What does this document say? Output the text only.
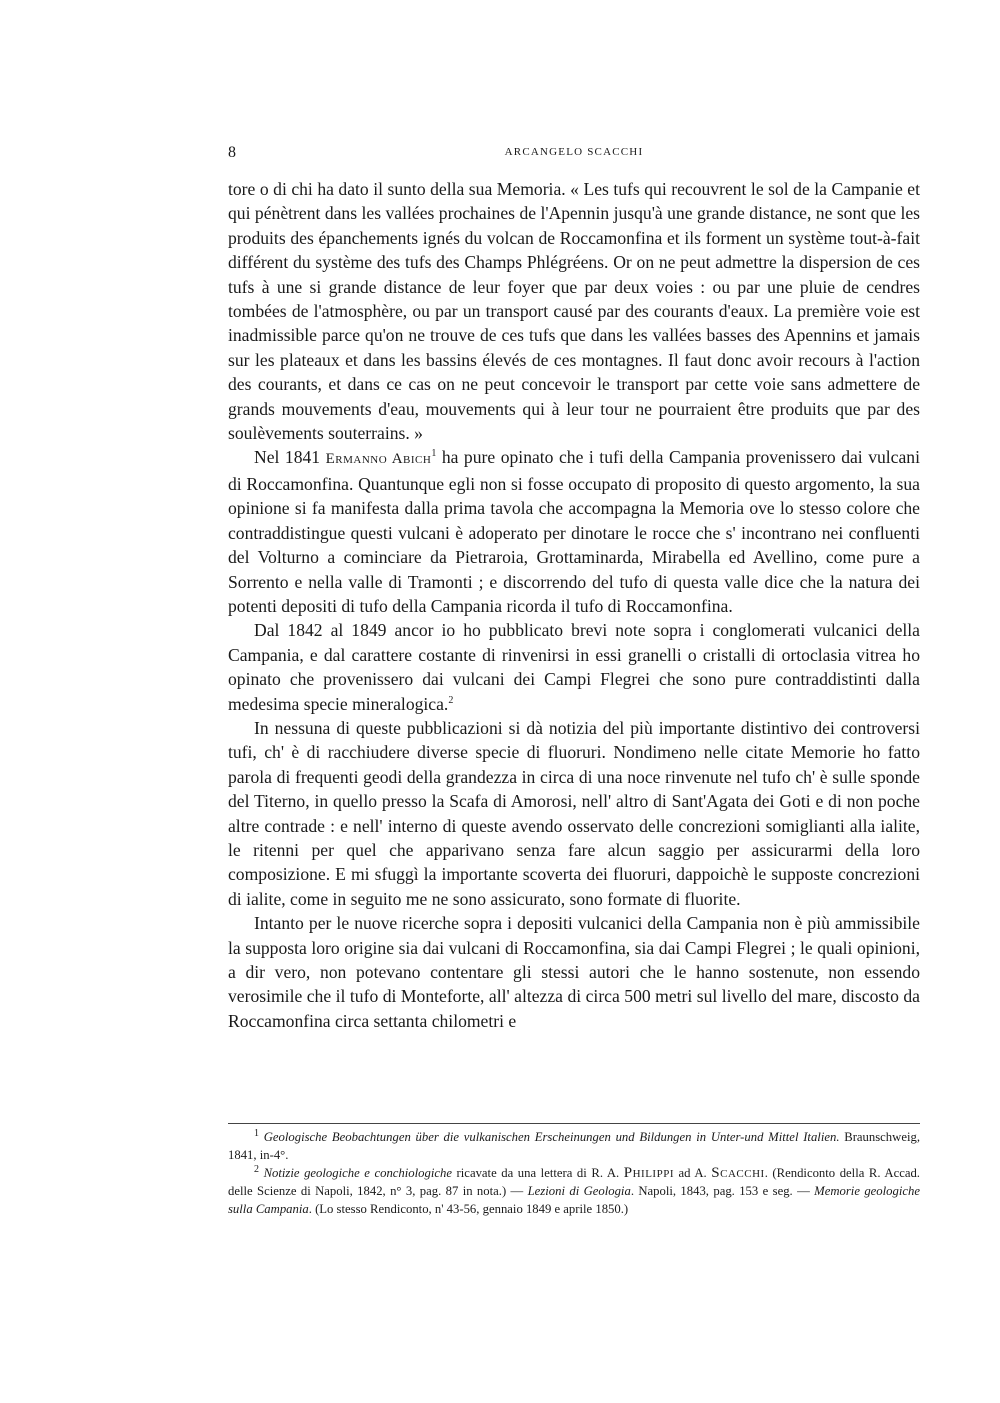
8	ARCANGELO SCACCHI

tore o di chi ha dato il sunto della sua Memoria. « Les tufs qui recouvrent le sol de la Campanie et qui pénètrent dans les vallées prochaines de l'Apennin jusqu'à une grande distance, ne sont que les produits des épanchements ignés du volcan de Roccamonfina et ils forment un système tout-à-fait différent du système des tufs des Champs Phlégréens. Or on ne peut admettre la dispersion de ces tufs à une si grande distance de leur foyer que par deux voies : ou par une pluie de cendres tombées de l'atmosphère, ou par un transport causé par des courants d'eaux. La première voie est inadmissible parce qu'on ne trouve de ces tufs que dans les vallées basses des Apennins et jamais sur les plateaux et dans les bassins élevés de ces montagnes. Il faut donc avoir recours à l'action des courants, et dans ce cas on ne peut concevoir le transport par cette voie sans admettere de grands mouvements d'eau, mouvements qui à leur tour ne pourraient être produits que par des soulèvements souterrains. »

Nel 1841 Ermanno Abich$^1$ ha pure opinato che i tufi della Campania provenissero dai vulcani di Roccamonfina. Quantunque egli non si fosse occupato di proposito di questo argomento, la sua opinione si fa manifesta dalla prima tavola che accompagna la Memoria ove lo stesso colore che contraddistingue questi vulcani è adoperato per dinotare le rocce che s' incontrano nei confluenti del Volturno a cominciare da Pietraroia, Grottaminarda, Mirabella ed Avellino, come pure a Sorrento e nella valle di Tramonti ; e discorrendo del tufo di questa valle dice che la natura dei potenti depositi di tufo della Campania ricorda il tufo di Roccamonfina.

Dal 1842 al 1849 ancor io ho pubblicato brevi note sopra i conglomerati vulcanici della Campania, e dal carattere costante di rinvenirsi in essi granelli o cristalli di ortoclasia vitrea ho opinato che provenissero dai vulcani dei Campi Flegrei che sono pure contraddistinti dalla medesima specie mineralogica.$^2$

In nessuna di queste pubblicazioni si dà notizia del più importante distintivo dei controversi tufi, ch' è di racchiudere diverse specie di fluoruri. Nondimeno nelle citate Memorie ho fatto parola di frequenti geodi della grandezza in circa di una noce rinvenute nel tufo ch' è sulle sponde del Titerno, in quello presso la Scafa di Amorosi, nell' altro di Sant'Agata dei Goti e di non poche altre contrade : e nell' interno di queste avendo osservato delle concrezioni somiglianti alla ialite, le ritenni per quel che apparivano senza fare alcun saggio per assicurarmi della loro composizione. E mi sfuggì la importante scoverta dei fluoruri, dappoichè le supposte concrezioni di ialite, come in seguito me ne sono assicurato, sono formate di fluorite.

Intanto per le nuove ricerche sopra i depositi vulcanici della Campania non è più ammissibile la supposta loro origine sia dai vulcani di Roccamonfina, sia dai Campi Flegrei ; le quali opinioni, a dir vero, non potevano contentare gli stessi autori che le hanno sostenute, non essendo verosimile che il tufo di Monteforte, all' altezza di circa 500 metri sul livello del mare, discosto da Roccamonfina circa settanta chilometri e

$^1$ Geologische Beobachtungen über die vulkanischen Erscheinungen und Bildungen in Unter-und Mittel Italien. Braunschweig, 1841, in-4°.

$^2$ Notizie geologiche e conchiologiche ricavate da una lettera di R. A. Philippi ad A. Scacchi. (Rendiconto della R. Accad. delle Scienze di Napoli, 1842, n° 3, pag. 87 in nota.) — Lezioni di Geologia. Napoli, 1843, pag. 153 e seg. — Memorie geologiche sulla Campania. (Lo stesso Rendiconto, n' 43-56, gennaio 1849 e aprile 1850.)
